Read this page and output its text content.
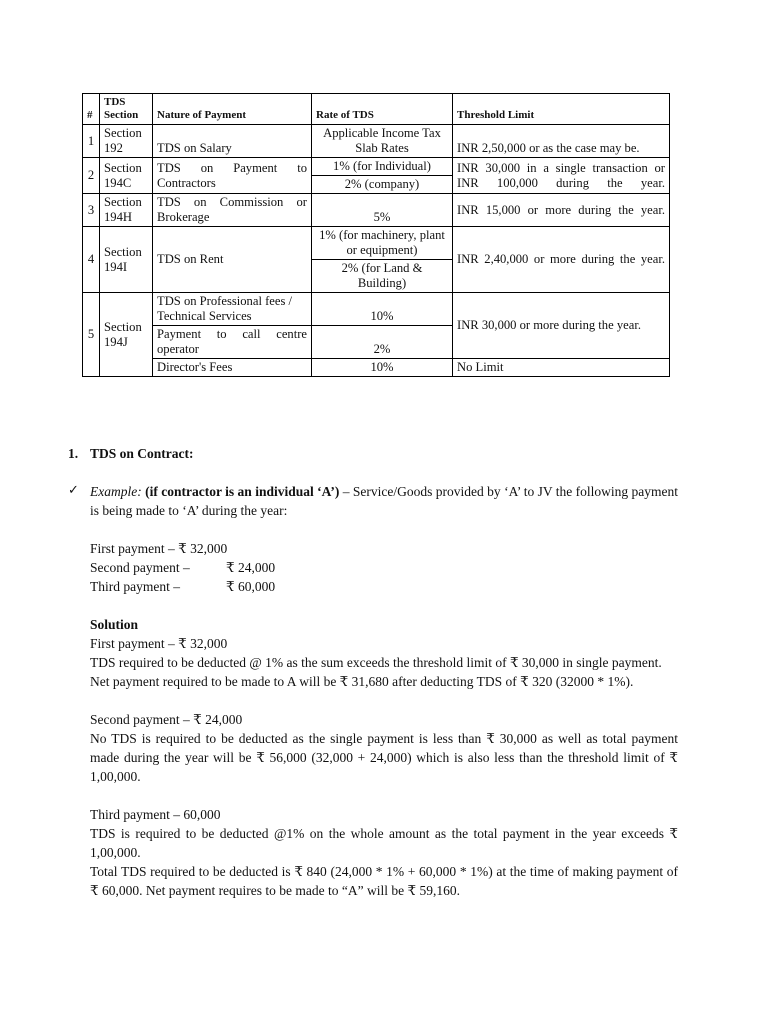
#	TDS Section	Nature of Payment	Rate of TDS	Threshold Limit
1	Section 192	TDS on Salary	Applicable Income Tax Slab Rates	INR 2,50,000 or as the case may be.
2	Section 194C	TDS on Payment to Contractors	1% (for Individual)	INR 30,000 in a single transaction or INR 100,000 during the year.
			2% (company)	
3	Section 194H	TDS on Commission or Brokerage	5%	INR 15,000 or more during the year.
4	Section 194I	TDS on Rent	1% (for machinery, plant or equipment)	INR 2,40,000 or more during the year.
			2% (for Land & Building)	
5	Section 194J	TDS on Professional fees / Technical Services	10%	INR 30,000 or more during the year.
		Payment to call centre operator	2%	
		Director's Fees	10%	No Limit
1. TDS on Contract:
✓ Example: (if contractor is an individual ‘A’) – Service/Goods provided by ‘A’ to JV the following payment is being made to ‘A’ during the year:
First payment – ₹ 32,000
Second payment –	₹ 24,000
Third payment –	₹ 60,000
Solution
First payment – ₹ 32,000
TDS required to be deducted @ 1% as the sum exceeds the threshold limit of ₹ 30,000 in single payment.
Net payment required to be made to A will be ₹ 31,680 after deducting TDS of ₹ 320 (32000 * 1%).
Second payment – ₹ 24,000
No TDS is required to be deducted as the single payment is less than ₹ 30,000 as well as total payment made during the year will be ₹ 56,000 (32,000 + 24,000) which is also less than the threshold limit of ₹ 1,00,000.
Third payment – 60,000
TDS is required to be deducted @1% on the whole amount as the total payment in the year exceeds ₹ 1,00,000.
Total TDS required to be deducted is ₹ 840 (24,000 * 1% + 60,000 * 1%) at the time of making payment of ₹ 60,000. Net payment requires to be made to “A” will be ₹ 59,160.
